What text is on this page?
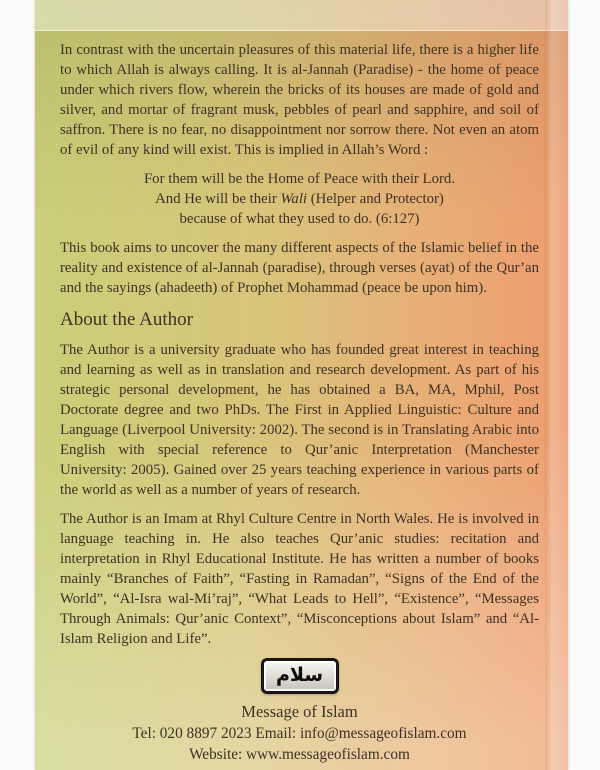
In contrast with the uncertain pleasures of this material life, there is a higher life to which Allah is always calling. It is al-Jannah (Paradise) - the home of peace under which rivers flow, wherein the bricks of its houses are made of gold and silver, and mortar of fragrant musk, pebbles of pearl and sapphire, and soil of saffron. There is no fear, no disappointment nor sorrow there. Not even an atom of evil of any kind will exist. This is implied in Allah’s Word :

For them will be the Home of Peace with their Lord.
And He will be their Wali (Helper and Protector)
because of what they used to do. (6:127)

This book aims to uncover the many different aspects of the Islamic belief in the reality and existence of al-Jannah (paradise), through verses (ayat) of the Qur’an and the sayings (ahadeeth) of Prophet Mohammad (peace be upon him).

About the Author

The Author is a university graduate who has founded great interest in teaching and learning as well as in translation and research development. As part of his strategic personal development, he has obtained a BA, MA, Mphil, Post Doctorate degree and two PhDs. The First in Applied Linguistic: Culture and Language (Liverpool University: 2002). The second is in Translating Arabic into English with special reference to Qur’anic Interpretation (Manchester University: 2005). Gained over 25 years teaching experience in various parts of the world as well as a number of years of research.

The Author is an Imam at Rhyl Culture Centre in North Wales. He is involved in language teaching in. He also teaches Qur’anic studies: recitation and interpretation in Rhyl Educational Institute. He has written a number of books mainly “Branches of Faith”, “Fasting in Ramadan”, “Signs of the End of the World”, “Al-Isra wal-Mi’raj”, “What Leads to Hell”, “Existence”, “Messages Through Animals: Qur’anic Context”, “Misconceptions about Islam” and “Al-Islam Religion and Life”.

سلام
Message of Islam
Tel: 020 8897 2023 Email: info@messageofislam.com
Website: www.messageofislam.com
